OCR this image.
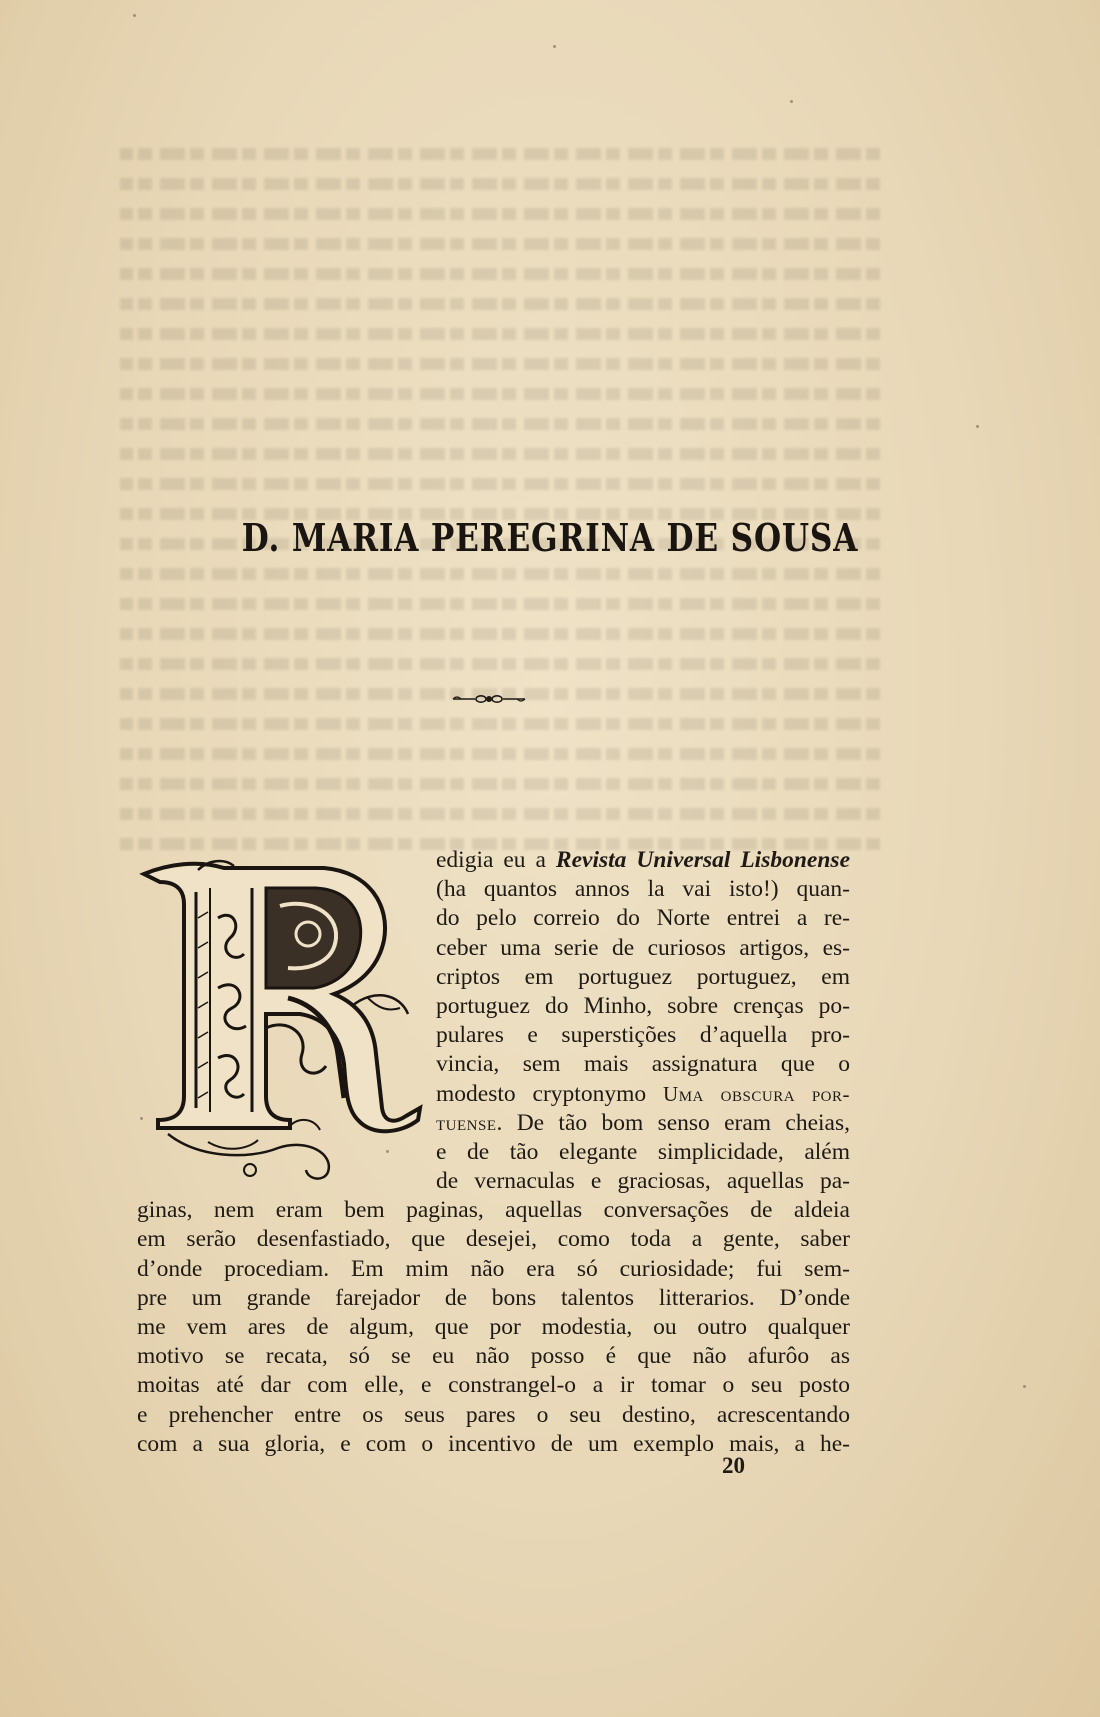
D. MARIA PEREGRINA DE SOUSA
edigia eu a Revista Universal Lisbonense
(ha quantos annos la vai isto!) quan-
do pelo correio do Norte entrei a re-
ceber uma serie de curiosos artigos, es-
criptos em portuguez portuguez, em
portuguez do Minho, sobre crenças po-
pulares e superstições d’aquella pro-
vincia, sem mais assignatura que o
modesto cryptonymo Uma obscura por-
tuense. De tão bom senso eram cheias,
e de tão elegante simplicidade, além
de vernaculas e graciosas, aquellas pa-
ginas, nem eram bem paginas, aquellas conversações de aldeia
em serão desenfastiado, que desejei, como toda a gente, saber
d’onde procediam. Em mim não era só curiosidade; fui sem-
pre um grande farejador de bons talentos litterarios. D’onde
me vem ares de algum, que por modestia, ou outro qualquer
motivo se recata, só se eu não posso é que não afurôo as
moitas até dar com elle, e constrangel-o a ir tomar o seu posto
e prehencher entre os seus pares o seu destino, acrescentando
com a sua gloria, e com o incentivo de um exemplo mais, a he-
20
